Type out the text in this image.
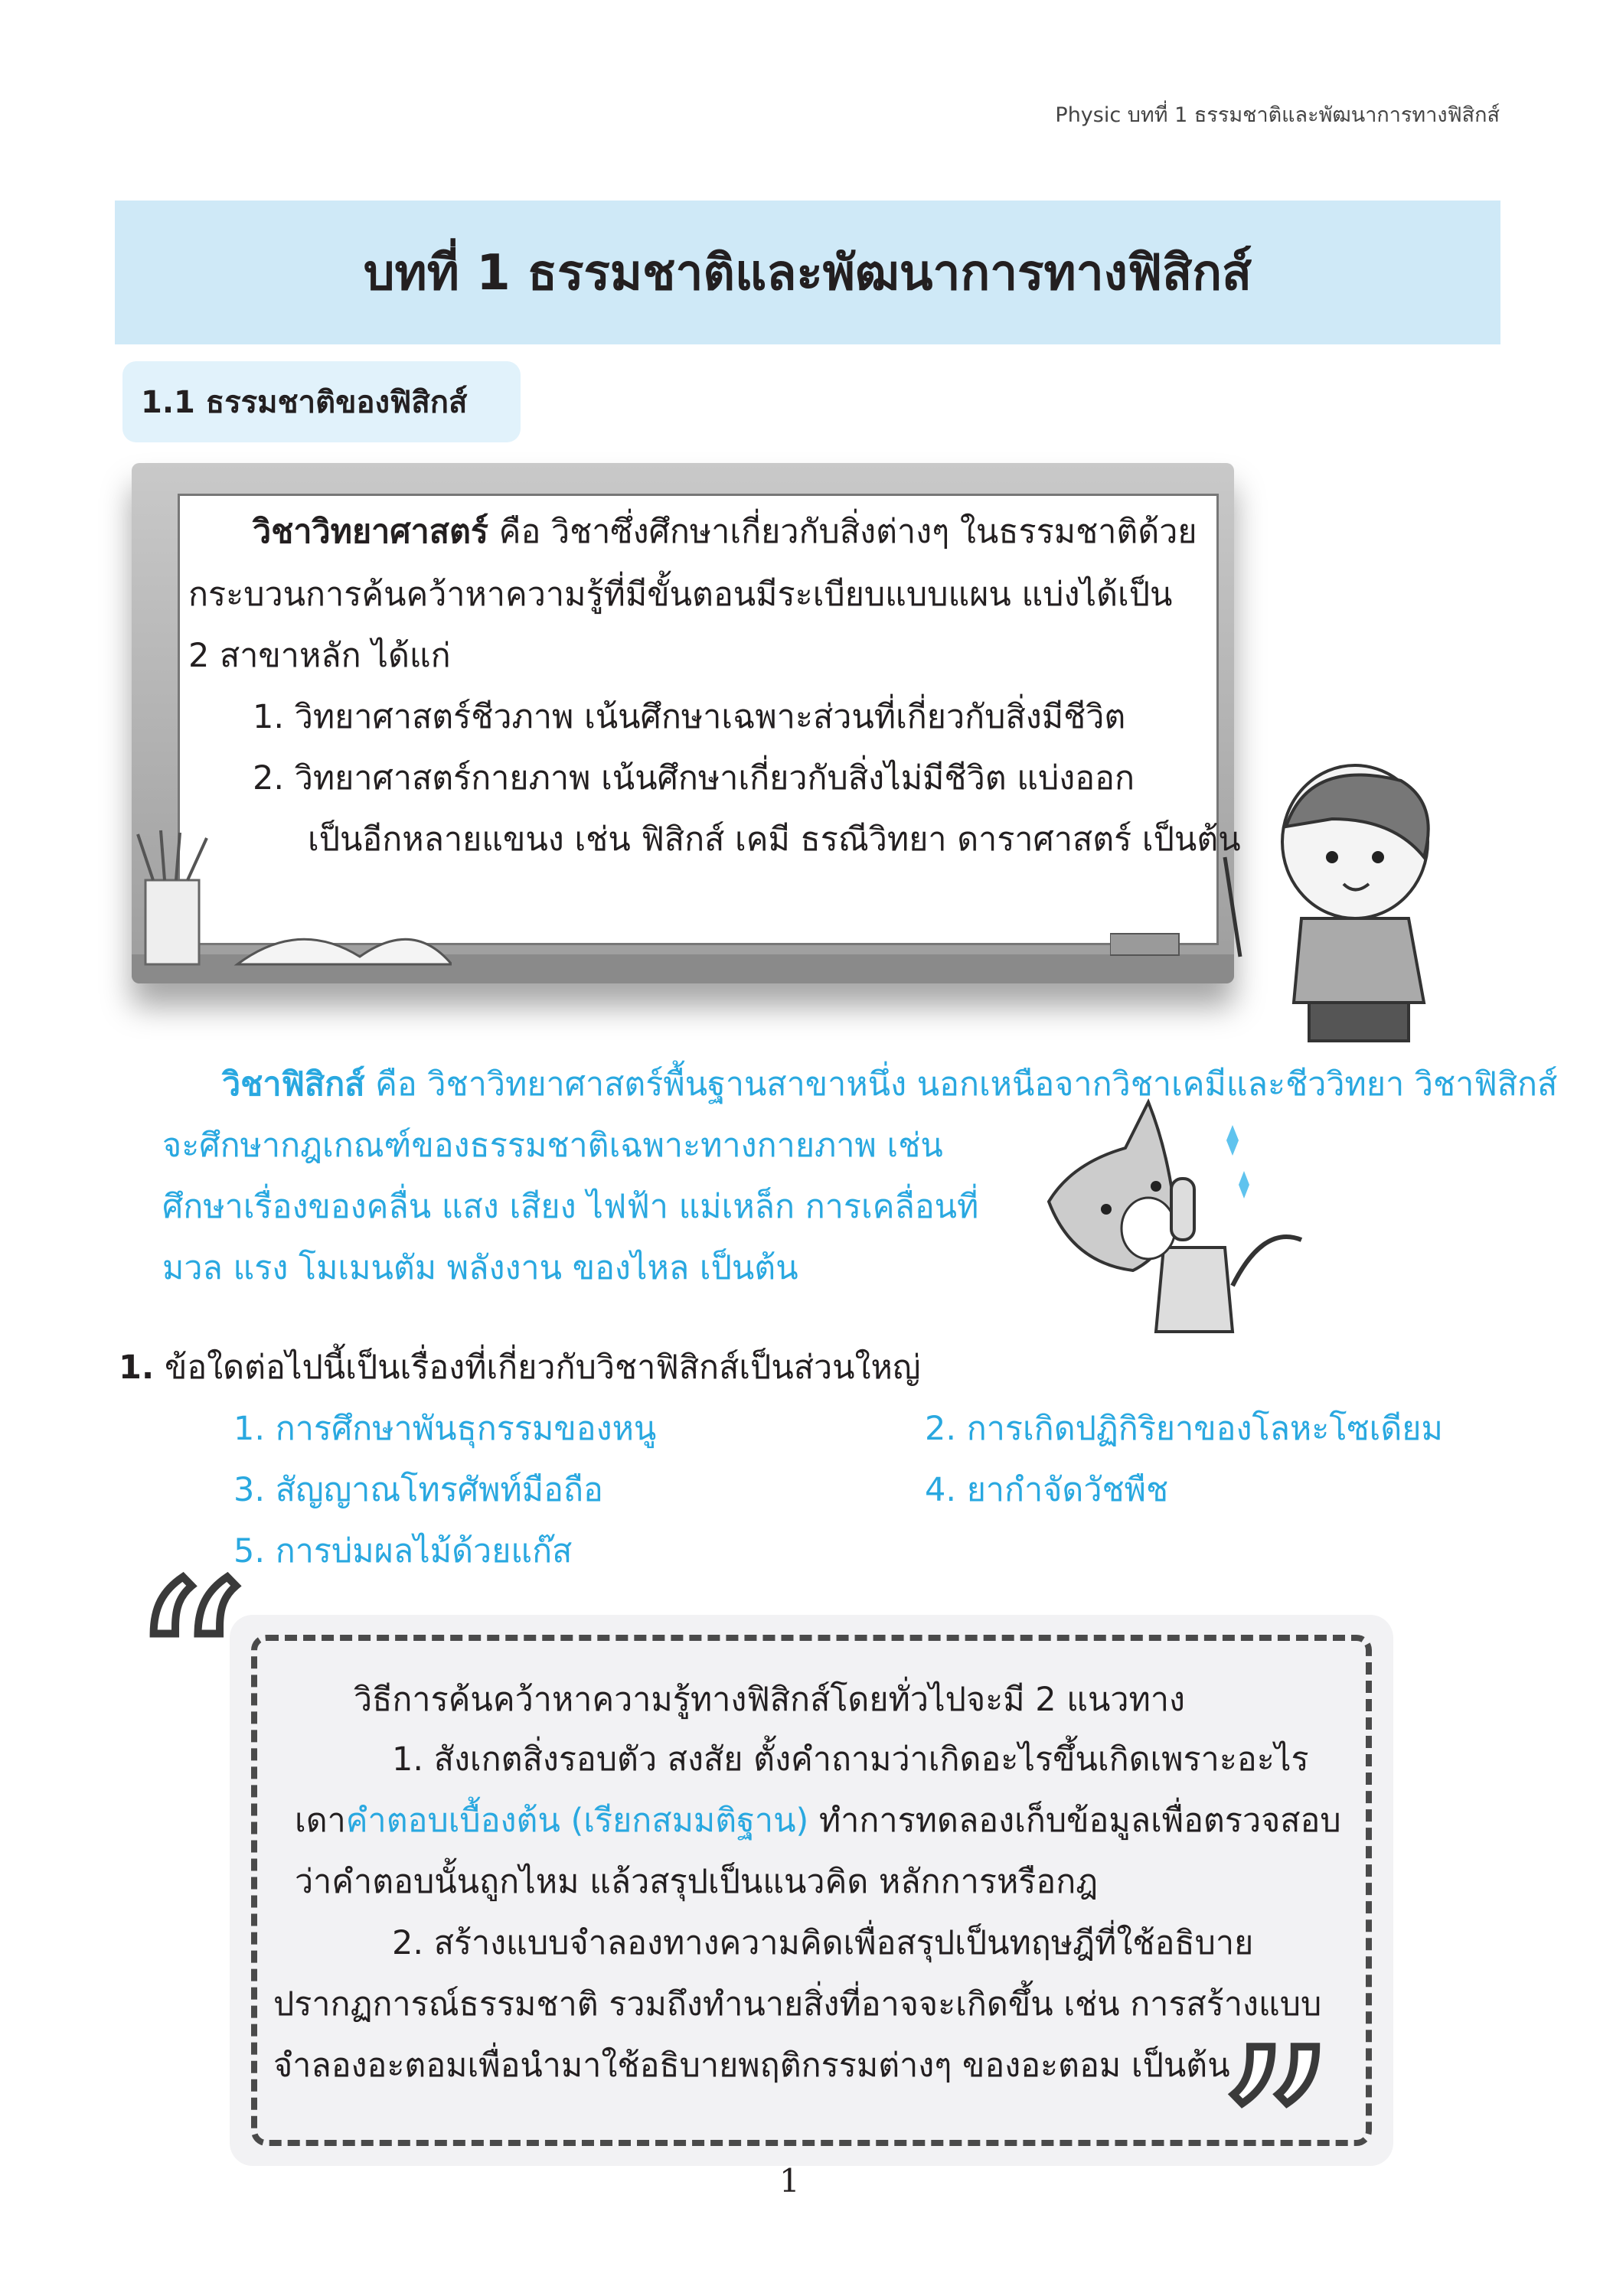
Physic บทที่ 1 ธรรมชาติและพัฒนาการทางฟิสิกส์
บทที่ 1 ธรรมชาติและพัฒนาการทางฟิสิกส์
1.1 ธรรมชาติของฟิสิกส์
วิชาวิทยาศาสตร์ คือ วิชาซึ่งศึกษาเกี่ยวกับสิ่งต่างๆ ในธรรมชาติด้วย
กระบวนการค้นคว้าหาความรู้ที่มีขั้นตอนมีระเบียบแบบแผน แบ่งได้เป็น
2 สาขาหลัก ได้แก่
1. วิทยาศาสตร์ชีวภาพ เน้นศึกษาเฉพาะส่วนที่เกี่ยวกับสิ่งมีชีวิต
2. วิทยาศาสตร์กายภาพ เน้นศึกษาเกี่ยวกับสิ่งไม่มีชีวิต แบ่งออก
เป็นอีกหลายแขนง เช่น ฟิสิกส์ เคมี ธรณีวิทยา ดาราศาสตร์ เป็นต้น
วิชาฟิสิกส์ คือ วิชาวิทยาศาสตร์พื้นฐานสาขาหนึ่ง นอกเหนือจากวิชาเคมีและชีววิทยา วิชาฟิสิกส์
จะศึกษากฎเกณฑ์ของธรรมชาติเฉพาะทางกายภาพ เช่น
ศึกษาเรื่องของคลื่น แสง เสียง ไฟฟ้า แม่เหล็ก การเคลื่อนที่
มวล แรง โมเมนตัม พลังงาน ของไหล เป็นต้น
1. ข้อใดต่อไปนี้เป็นเรื่องที่เกี่ยวกับวิชาฟิสิกส์เป็นส่วนใหญ่
1. การศึกษาพันธุกรรมของหนู	2. การเกิดปฏิกิริยาของโลหะโซเดียม
3. สัญญาณโทรศัพท์มือถือ	4. ยากำจัดวัชพืช
5. การบ่มผลไม้ด้วยแก๊ส
“
”
วิธีการค้นคว้าหาความรู้ทางฟิสิกส์โดยทั่วไปจะมี 2 แนวทาง
1. สังเกตสิ่งรอบตัว สงสัย ตั้งคำถามว่าเกิดอะไรขึ้นเกิดเพราะอะไร
เดาคำตอบเบื้องต้น (เรียกสมมติฐาน) ทำการทดลองเก็บข้อมูลเพื่อตรวจสอบ
ว่าคำตอบนั้นถูกไหม แล้วสรุปเป็นแนวคิด หลักการหรือกฎ
2. สร้างแบบจำลองทางความคิดเพื่อสรุปเป็นทฤษฎีที่ใช้อธิบาย
ปรากฏการณ์ธรรมชาติ รวมถึงทำนายสิ่งที่อาจจะเกิดขึ้น เช่น การสร้างแบบ
จำลองอะตอมเพื่อนำมาใช้อธิบายพฤติกรรมต่างๆ ของอะตอม เป็นต้น
1
